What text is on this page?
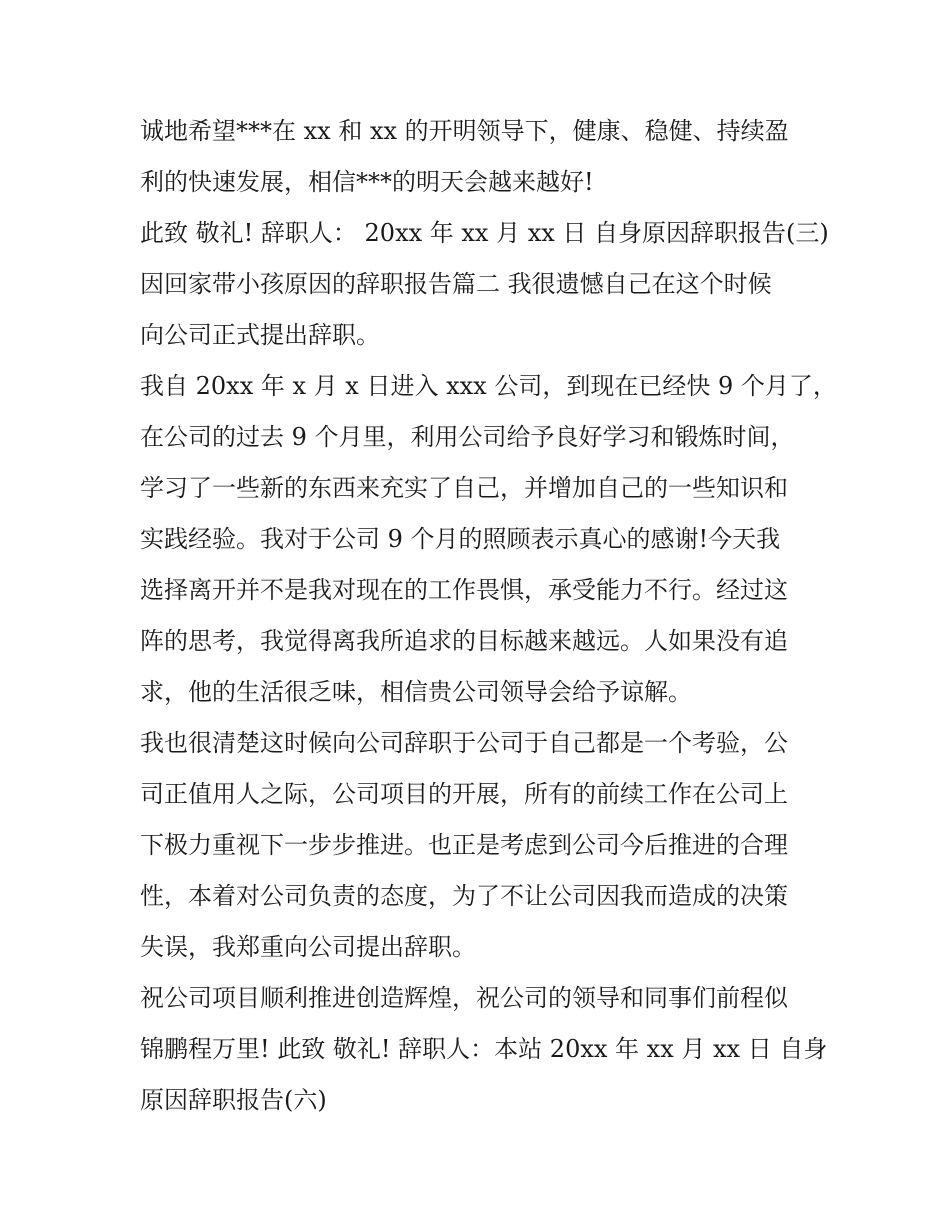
诚地希望***在 xx 和 xx 的开明领导下，健康、稳健、持续盈
利的快速发展，相信***的明天会越来越好!
此致 敬礼! 辞职人： 20xx 年 xx 月 xx 日 自身原因辞职报告(三)
因回家带小孩原因的辞职报告篇二 我很遗憾自己在这个时候
向公司正式提出辞职。
我自 20xx 年 x 月 x 日进入 xxx 公司，到现在已经快 9 个月了，
在公司的过去 9 个月里，利用公司给予良好学习和锻炼时间，
学习了一些新的东西来充实了自己，并增加自己的一些知识和
实践经验。我对于公司 9 个月的照顾表示真心的感谢!今天我
选择离开并不是我对现在的工作畏惧，承受能力不行。经过这
阵的思考，我觉得离我所追求的目标越来越远。人如果没有追
求，他的生活很乏味，相信贵公司领导会给予谅解。
我也很清楚这时候向公司辞职于公司于自己都是一个考验，公
司正值用人之际，公司项目的开展，所有的前续工作在公司上
下极力重视下一步步推进。也正是考虑到公司今后推进的合理
性，本着对公司负责的态度，为了不让公司因我而造成的决策
失误，我郑重向公司提出辞职。
祝公司项目顺利推进创造辉煌，祝公司的领导和同事们前程似
锦鹏程万里! 此致 敬礼! 辞职人：本站 20xx 年 xx 月 xx 日 自身
原因辞职报告(六)
